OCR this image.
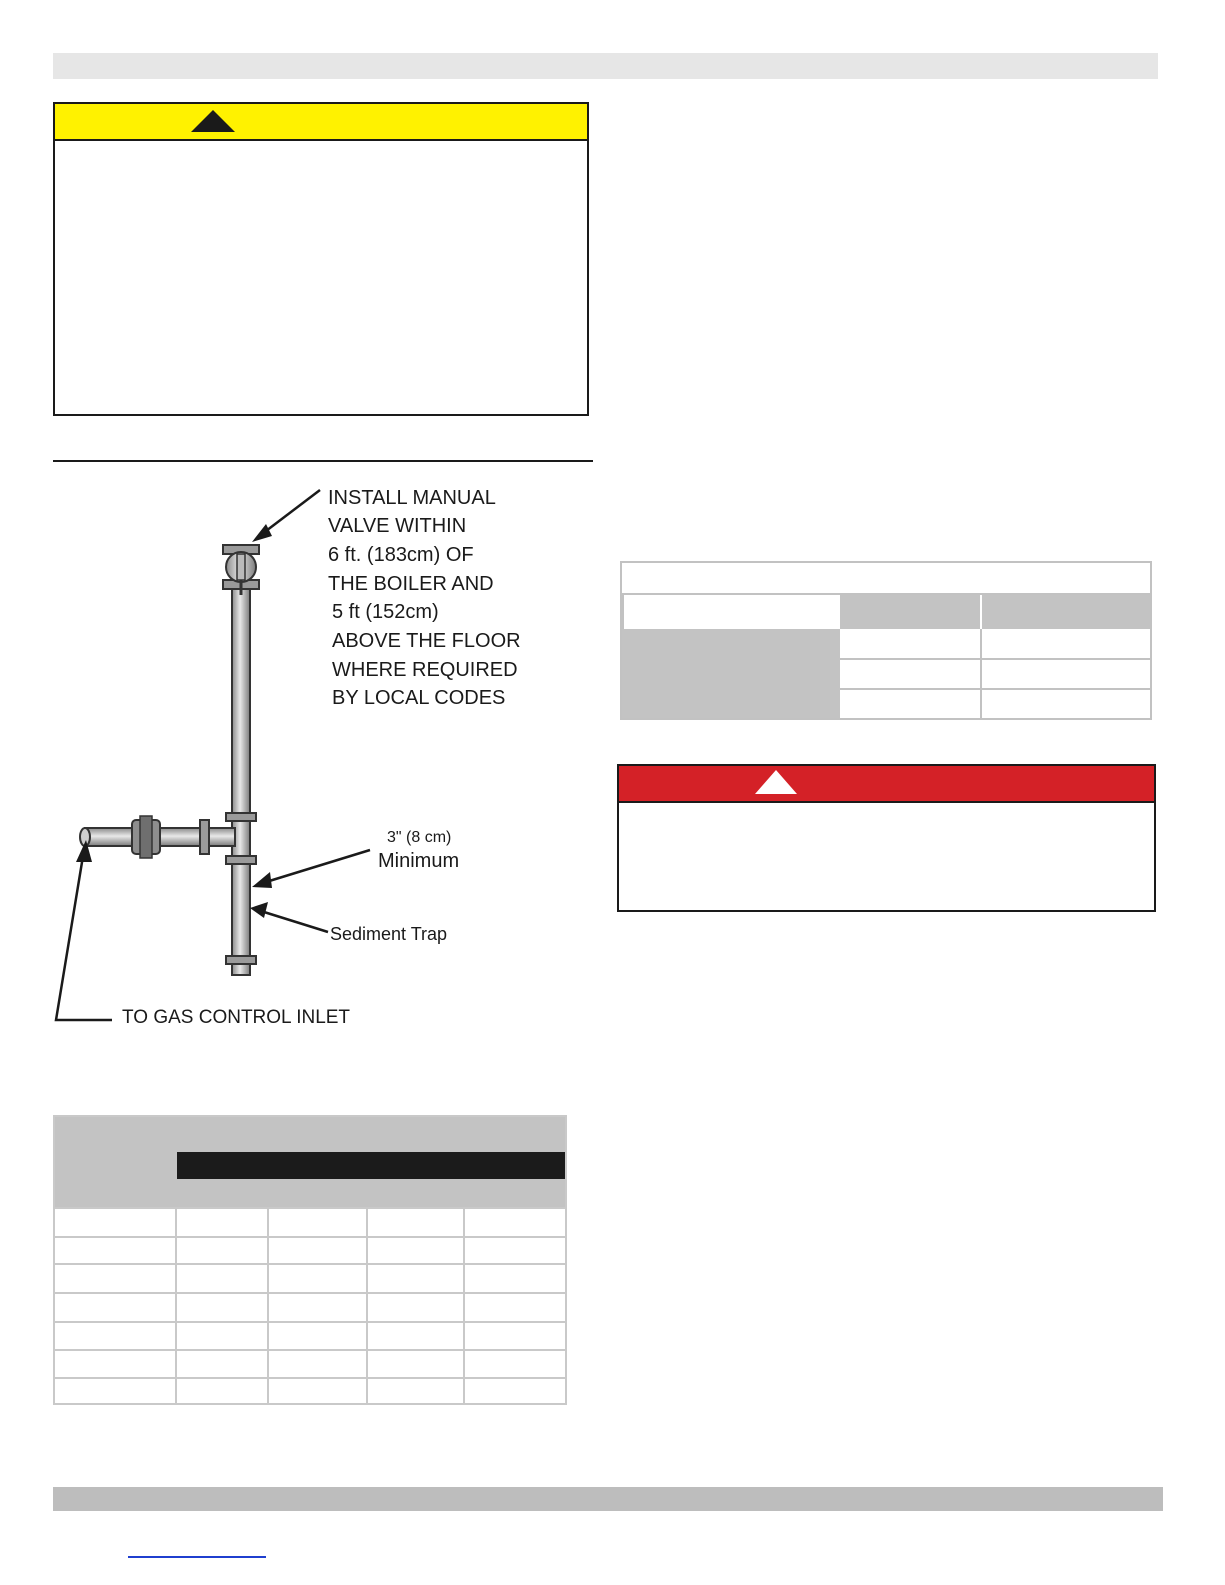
INSTALL MANUAL
VALVE WITHIN
6 ft. (183cm) OF
THE BOILER AND
5 ft (152cm)
ABOVE THE FLOOR
WHERE REQUIRED
BY LOCAL CODES
3" (8 cm)
Minimum
Sediment Trap
TO GAS CONTROL INLET
